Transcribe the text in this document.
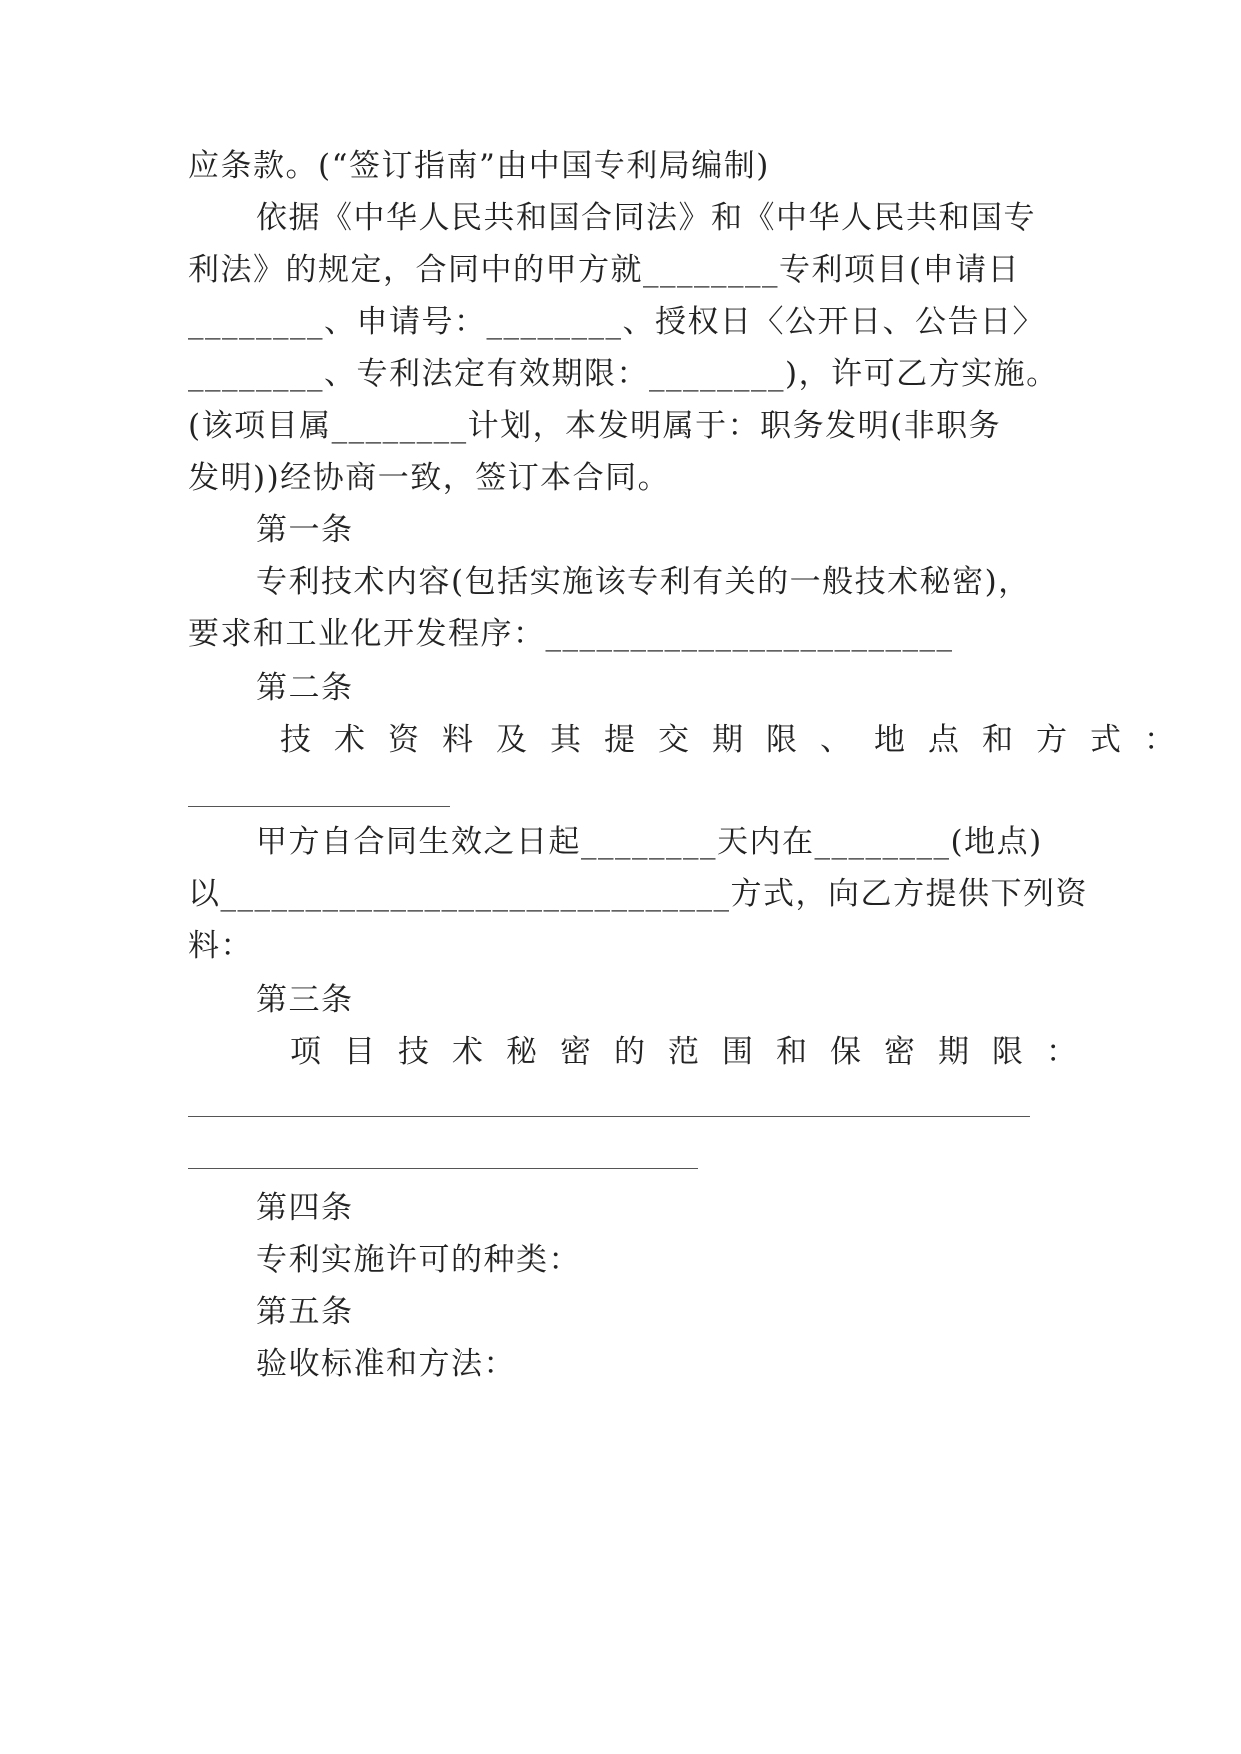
应条款。(“签订指南”由中国专利局编制)
依据《中华人民共和国合同法》和《中华人民共和国专
利法》的规定，合同中的甲方就________专利项目(申请日
________、申请号：________、授权日〈公开日、公告日〉
________、专利法定有效期限：________)，许可乙方实施。
(该项目属________计划，本发明属于：职务发明(非职务
发明))经协商一致，签订本合同。
第一条
专利技术内容(包括实施该专利有关的一般技术秘密)，
要求和工业化开发程序：________________________
第二条
技术资料及其提交期限、地点和方式：
甲方自合同生效之日起________天内在________(地点)
以______________________________方式，向乙方提供下列资
料：
第三条
项目技术秘密的范围和保密期限：
第四条
专利实施许可的种类：
第五条
验收标准和方法：
